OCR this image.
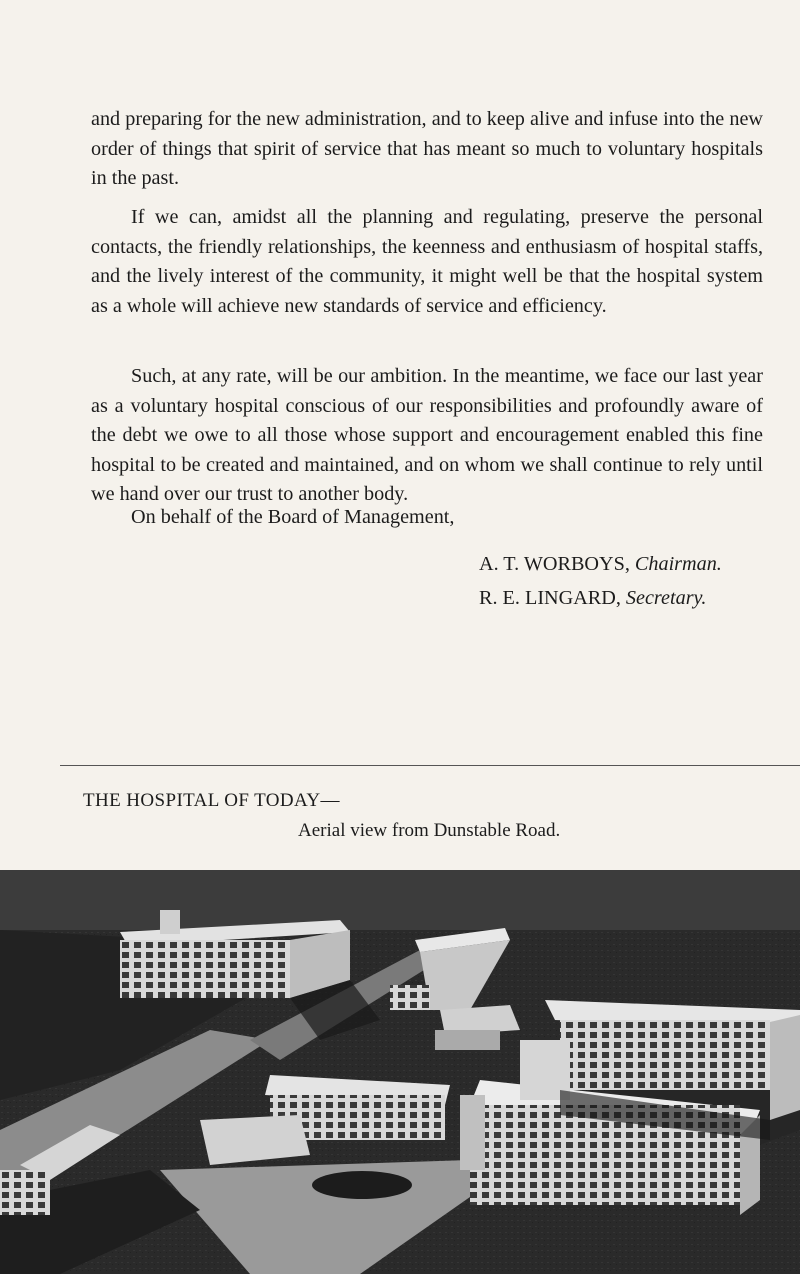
and preparing for the new administration, and to keep alive and infuse into the new order of things that spirit of service that has meant so much to voluntary hospitals in the past.

If we can, amidst all the planning and regulating, preserve the personal contacts, the friendly relationships, the keenness and enthusiasm of hospital staffs, and the lively interest of the community, it might well be that the hospital system as a whole will achieve new standards of service and efficiency.

Such, at any rate, will be our ambition. In the meantime, we face our last year as a voluntary hospital conscious of our responsibilities and profoundly aware of the debt we owe to all those whose support and encouragement enabled this fine hospital to be created and maintained, and on whom we shall continue to rely until we hand over our trust to another body.

On behalf of the Board of Management,

A. T. WORBOYS, Chairman.
R. E. LINGARD, Secretary.
THE HOSPITAL OF TODAY—
Aerial view from Dunstable Road.
